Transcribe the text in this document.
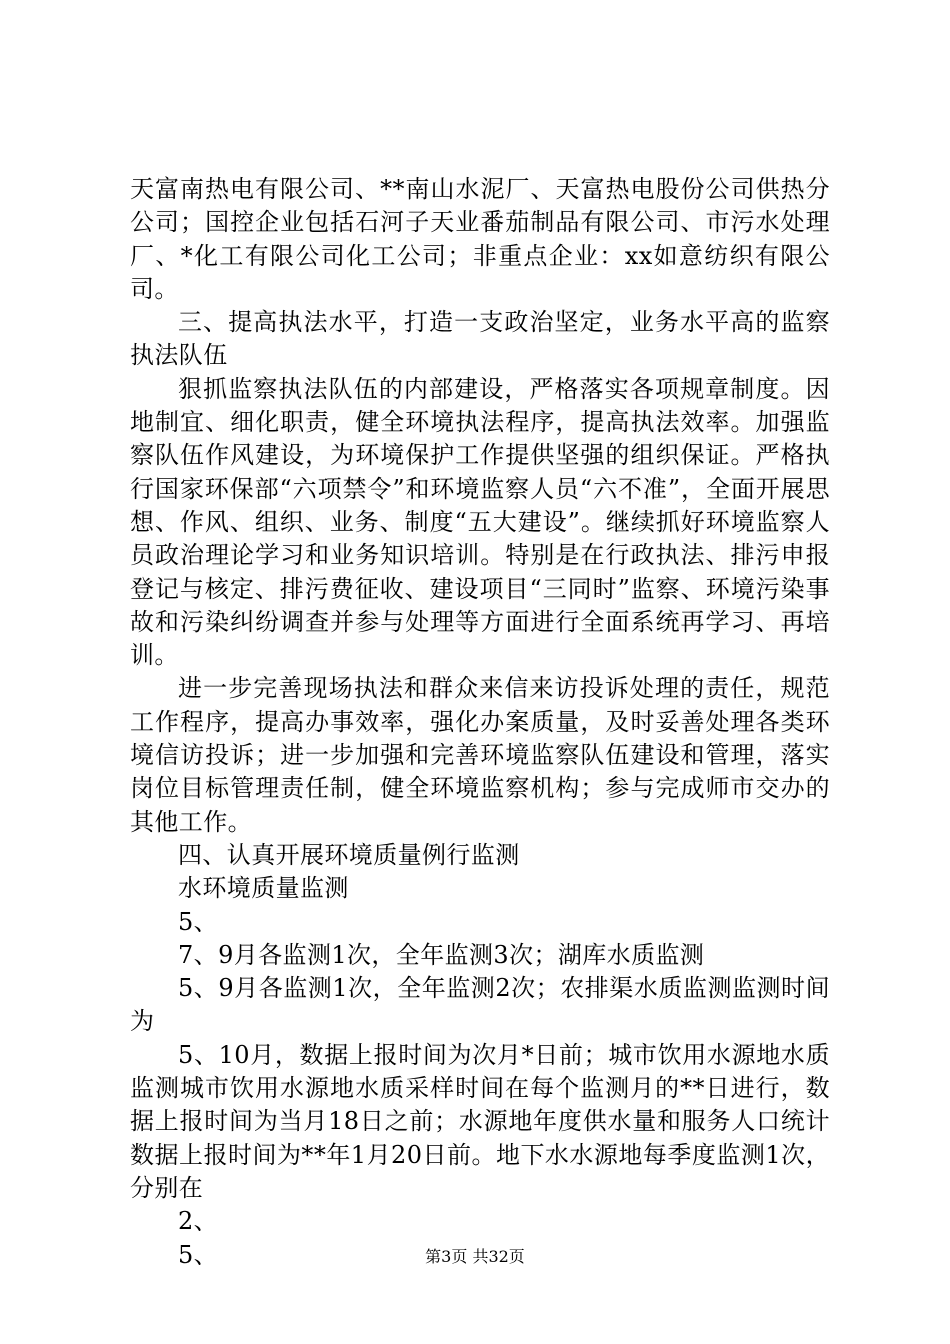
天富南热电有限公司、**南山水泥厂、天富热电股份公司供热分公司；国控企业包括石河子天业番茄制品有限公司、市污水处理厂、*化工有限公司化工公司；非重点企业：xx如意纺织有限公司。

三、提高执法水平，打造一支政治坚定，业务水平高的监察执法队伍

狠抓监察执法队伍的内部建设，严格落实各项规章制度。因地制宜、细化职责，健全环境执法程序，提高执法效率。加强监察队伍作风建设，为环境保护工作提供坚强的组织保证。严格执行国家环保部“六项禁令”和环境监察人员“六不准”，全面开展思想、作风、组织、业务、制度“五大建设”。继续抓好环境监察人员政治理论学习和业务知识培训。特别是在行政执法、排污申报登记与核定、排污费征收、建设项目“三同时”监察、环境污染事故和污染纠纷调查并参与处理等方面进行全面系统再学习、再培训。

进一步完善现场执法和群众来信来访投诉处理的责任，规范工作程序，提高办事效率，强化办案质量，及时妥善处理各类环境信访投诉；进一步加强和完善环境监察队伍建设和管理，落实岗位目标管理责任制，健全环境监察机构；参与完成师市交办的其他工作。

四、认真开展环境质量例行监测

水环境质量监测

5、

7、9月各监测1次，全年监测3次；湖库水质监测

5、9月各监测1次，全年监测2次；农排渠水质监测监测时间为

5、10月，数据上报时间为次月*日前；城市饮用水源地水质监测城市饮用水源地水质采样时间在每个监测月的**日进行，数据上报时间为当月18日之前；水源地年度供水量和服务人口统计数据上报时间为**年1月20日前。地下水水源地每季度监测1次，分别在

2、

5、	第3页 共32页
